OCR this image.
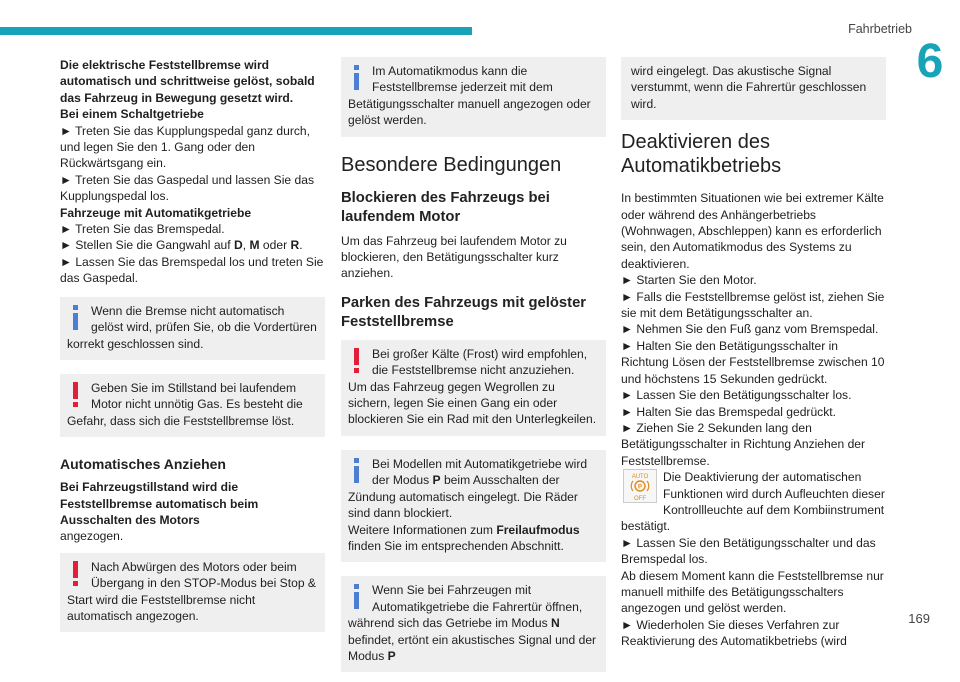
Fahrbetrieb
6
169

Die elektrische Feststellbremse wird automatisch und schrittweise gelöst, sobald das Fahrzeug in Bewegung gesetzt wird.

Bei einem Schaltgetriebe

► Treten Sie das Kupplungspedal ganz durch, und legen Sie den 1. Gang oder den Rückwärtsgang ein.

► Treten Sie das Gaspedal und lassen Sie das Kupplungspedal los.

Fahrzeuge mit Automatikgetriebe

► Treten Sie das Bremspedal.

► Stellen Sie die Gangwahl auf D, M oder R.

► Lassen Sie das Bremspedal los und treten Sie das Gaspedal.

Wenn die Bremse nicht automatisch gelöst wird, prüfen Sie, ob die Vordertüren korrekt geschlossen sind.
Geben Sie im Stillstand bei laufendem Motor nicht unnötig Gas. Es besteht die Gefahr, dass sich die Feststellbremse löst.
Automatisches Anziehen

Bei Fahrzeugstillstand wird die Feststellbremse automatisch beim Ausschalten des Motors

angezogen.

Nach Abwürgen des Motors oder beim Übergang in den STOP-Modus bei Stop & Start wird die Feststellbremse nicht automatisch angezogen.
Im Automatikmodus kann die Feststellbremse jederzeit mit dem Betätigungsschalter manuell angezogen oder gelöst werden.
Besondere Bedingungen
Blockieren des Fahrzeugs bei laufendem Motor

Um das Fahrzeug bei laufendem Motor zu blockieren, den Betätigungsschalter kurz anziehen.

Parken des Fahrzeugs mit gelöster Feststellbremse
Bei großer Kälte (Frost) wird empfohlen, die Feststellbremse nicht anzuziehen.

Um das Fahrzeug gegen Wegrollen zu sichern, legen Sie einen Gang ein oder blockieren Sie ein Rad mit den Unterlegkeilen.

Bei Modellen mit Automatikgetriebe wird der Modus P beim Ausschalten der Zündung automatisch eingelegt. Die Räder sind dann blockiert.

Weitere Informationen zum Freilaufmodus finden Sie im entsprechenden Abschnitt.

Wenn Sie bei Fahrzeugen mit Automatikgetriebe die Fahrertür öffnen, während sich das Getriebe im Modus N befindet, ertönt ein akustisches Signal und der Modus P
wird eingelegt. Das akustische Signal verstummt, wenn die Fahrertür geschlossen wird.
Deaktivieren des Automatikbetriebs

In bestimmten Situationen wie bei extremer Kälte oder während des Anhängerbetriebs (Wohnwagen, Abschleppen) kann es erforderlich sein, den Automatikmodus des Systems zu deaktivieren.

► Starten Sie den Motor.

► Falls die Feststellbremse gelöst ist, ziehen Sie sie mit dem Betätigungsschalter an.

► Nehmen Sie den Fuß ganz vom Bremspedal.

► Halten Sie den Betätigungsschalter in Richtung Lösen der Feststellbremse zwischen 10 und höchstens 15 Sekunden gedrückt.

► Lassen Sie den Betätigungsschalter los.

► Halten Sie das Bremspedal gedrückt.

► Ziehen Sie 2 Sekunden lang den Betätigungsschalter in Richtung Anziehen der Feststellbremse.

AUTO
P
OFF
Die Deaktivierung der automatischen Funktionen wird durch Aufleuchten dieser Kontrollleuchte auf dem Kombiinstrument bestätigt.

► Lassen Sie den Betätigungsschalter und das Bremspedal los.

Ab diesem Moment kann die Feststellbremse nur manuell mithilfe des Betätigungsschalters angezogen und gelöst werden.

► Wiederholen Sie dieses Verfahren zur Reaktivierung des Automatikbetriebs (wird
